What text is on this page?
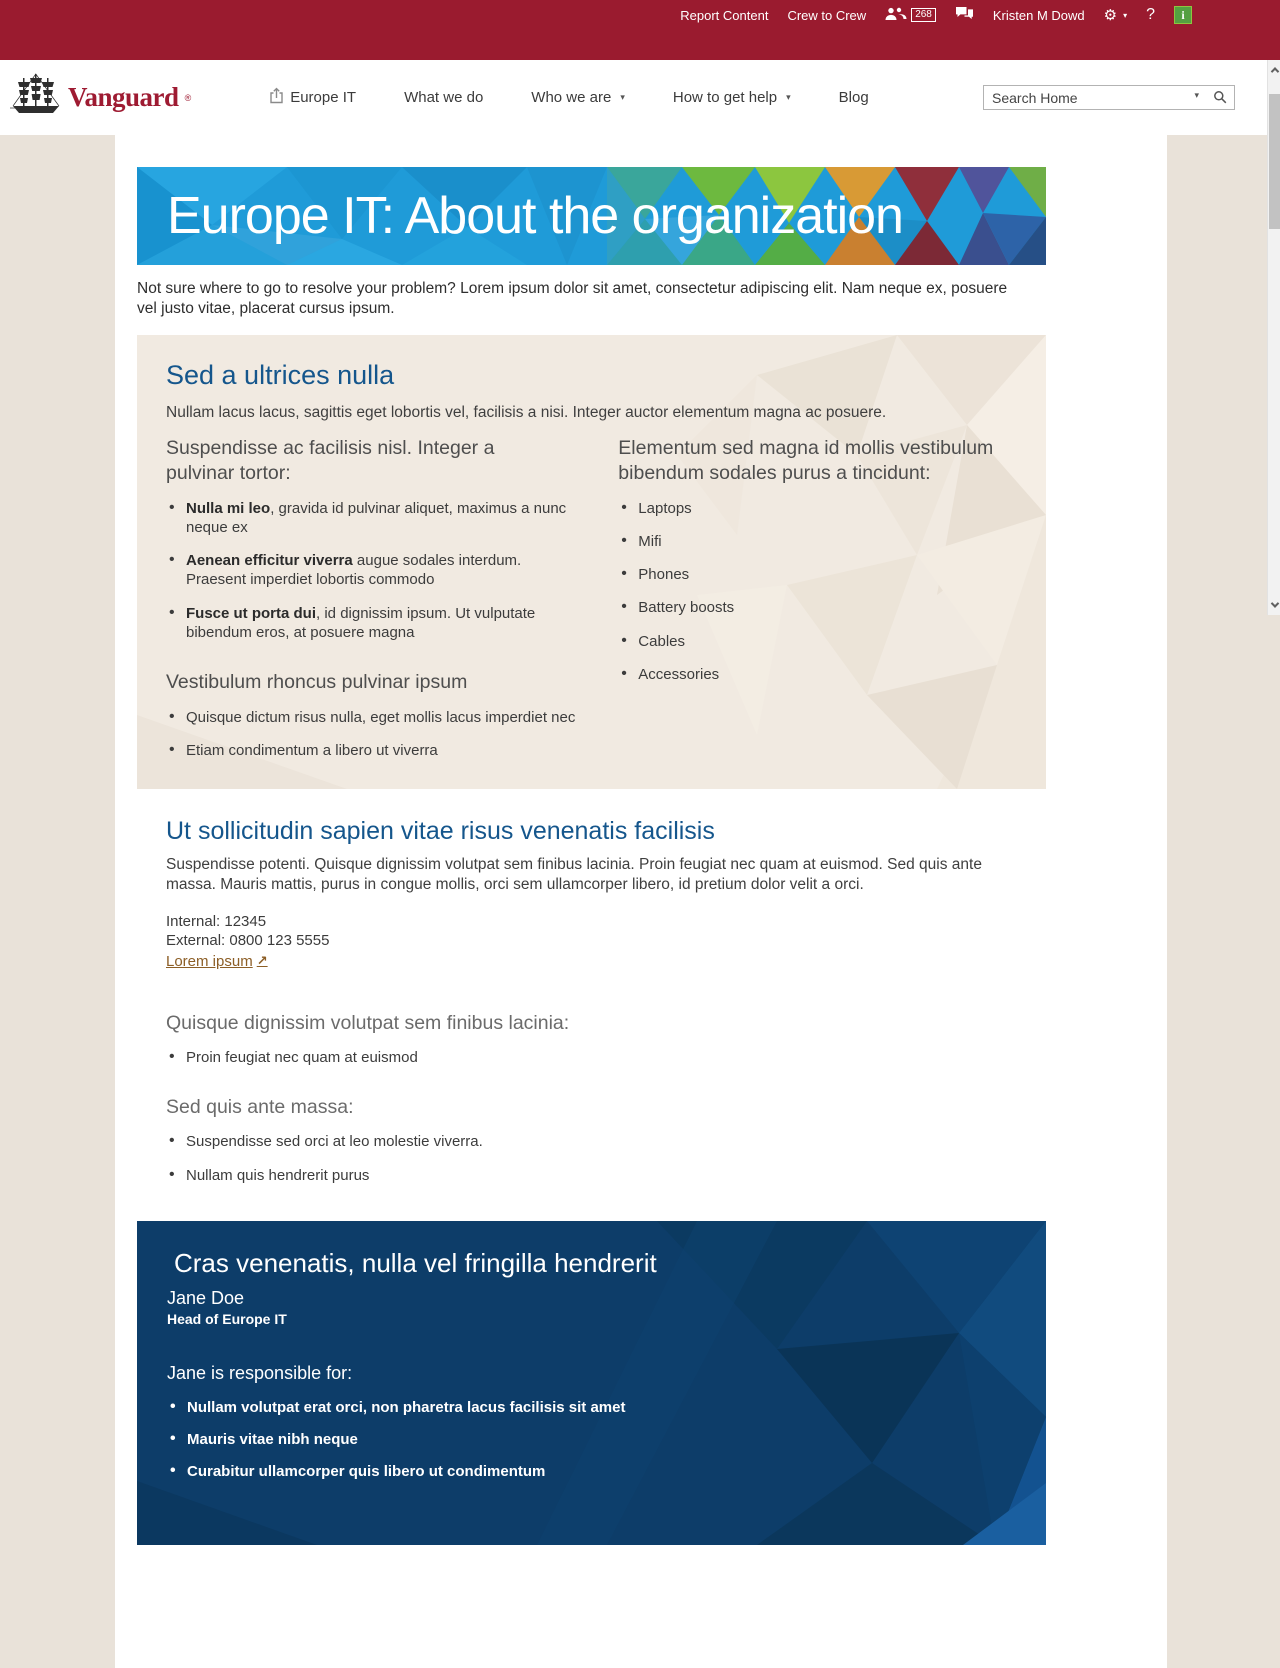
Report Content Crew to Crew	268	Kristen M Dowd ⚙ ▾ ?	i
Vanguard ®	Europe IT	What we do	Who we are ▾	How to get help ▾	Blog
Search Home	▾
Europe IT: About the organization

Not sure where to go to resolve your problem? Lorem ipsum dolor sit amet, consectetur adipiscing elit. Nam neque ex, posuere vel justo vitae, placerat cursus ipsum.

Sed a ultrices nulla

Nullam lacus lacus, sagittis eget lobortis vel, facilisis a nisi. Integer auctor elementum magna ac posuere.

Suspendisse ac facilisis nisl. Integer a pulvinar tortor:
• Nulla mi leo, gravida id pulvinar aliquet, maximus a nunc neque ex
• Aenean efficitur viverra augue sodales interdum. Praesent imperdiet lobortis commodo
• Fusce ut porta dui, id dignissim ipsum. Ut vulputate bibendum eros, at posuere magna
Vestibulum rhoncus pulvinar ipsum
• Quisque dictum risus nulla, eget mollis lacus imperdiet nec
• Etiam condimentum a libero ut viverra
Elementum sed magna id mollis vestibulum bibendum sodales purus a tincidunt:
• Laptops
• Mifi
• Phones
• Battery boosts
• Cables
• Accessories
Ut sollicitudin sapien vitae risus venenatis facilisis

Suspendisse potenti. Quisque dignissim volutpat sem finibus lacinia. Proin feugiat nec quam at euismod. Sed quis ante massa. Mauris mattis, purus in congue mollis, orci sem ullamcorper libero, id pretium dolor velit a orci.

Internal: 12345
External: 0800 123 5555
Lorem ipsum ↗
Quisque dignissim volutpat sem finibus lacinia:
• Proin feugiat nec quam at euismod
Sed quis ante massa:
• Suspendisse sed orci at leo molestie viverra.
• Nullam quis hendrerit purus
Cras venenatis, nulla vel fringilla hendrerit
Jane Doe
Head of Europe IT
Jane is responsible for:
• Nullam volutpat erat orci, non pharetra lacus facilisis sit amet
• Mauris vitae nibh neque
• Curabitur ullamcorper quis libero ut condimentum
